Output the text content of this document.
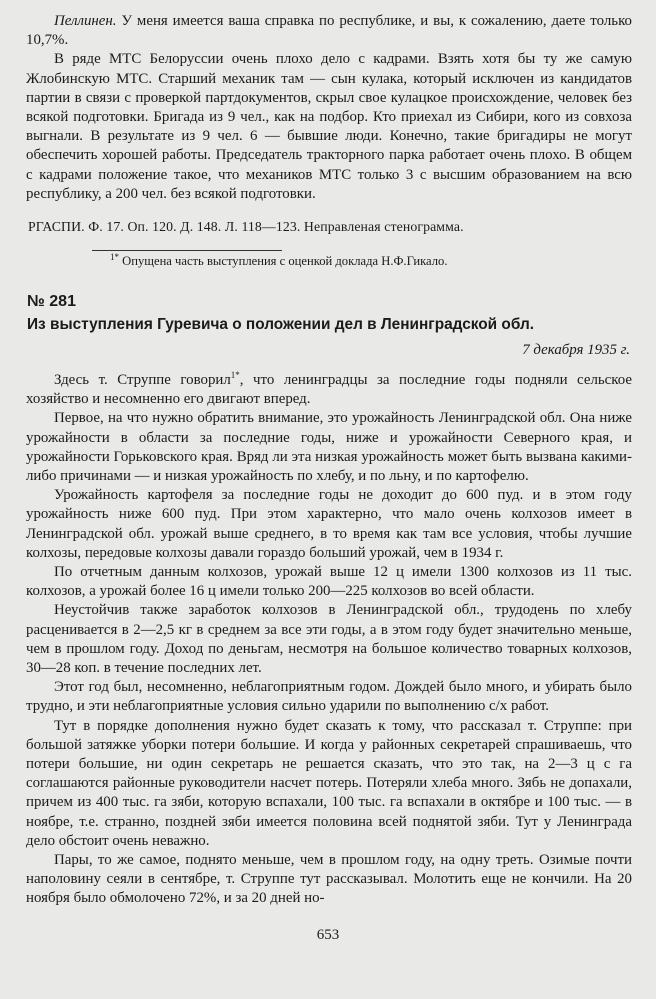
Пеллинен. У меня имеется ваша справка по республике, и вы, к сожалению, даете только 10,7%.

В ряде МТС Белоруссии очень плохо дело с кадрами. Взять хотя бы ту же самую Жлобинскую МТС. Старший механик там — сын кулака, который исключен из кандидатов партии в связи с проверкой партдокументов, скрыл свое кулацкое происхождение, человек без всякой подготовки. Бригада из 9 чел., как на подбор. Кто приехал из Сибири, кого из совхоза выгнали. В результате из 9 чел. 6 — бывшие люди. Конечно, такие бригадиры не могут обеспечить хорошей работы. Председатель тракторного парка работает очень плохо. В общем с кадрами положение такое, что механиков МТС только 3 с высшим образованием на всю республику, а 200 чел. без всякой подготовки.

РГАСПИ. Ф. 17. Оп. 120. Д. 148. Л. 118—123. Неправленая стенограмма.
$^{1*}$ Опущена часть выступления с оценкой доклада Н.Ф.Гикало.
№ 281
Из выступления Гуревича о положении дел в Ленинградской обл.
7 декабря 1935 г.

Здесь т. Струппе говорил$^{1*}$, что ленинградцы за последние годы подняли сельское хозяйство и несомненно его двигают вперед.

Первое, на что нужно обратить внимание, это урожайность Ленинградской обл. Она ниже урожайности в области за последние годы, ниже и урожайности Северного края, и урожайности Горьковского края. Вряд ли эта низкая урожайность может быть вызвана какими-либо причинами — и низкая урожайность по хлебу, и по льну, и по картофелю.

Урожайность картофеля за последние годы не доходит до 600 пуд. и в этом году урожайность ниже 600 пуд. При этом характерно, что мало очень колхозов имеет в Ленинградской обл. урожай выше среднего, в то время как там все условия, чтобы лучшие колхозы, передовые колхозы давали гораздо больший урожай, чем в 1934 г.

По отчетным данным колхозов, урожай выше 12 ц имели 1300 колхозов из 11 тыс. колхозов, а урожай более 16 ц имели только 200—225 колхозов во всей области.

Неустойчив также заработок колхозов в Ленинградской обл., трудодень по хлебу расценивается в 2—2,5 кг в среднем за все эти годы, а в этом году будет значительно меньше, чем в прошлом году. Доход по деньгам, несмотря на большое количество товарных колхозов, 30—28 коп. в течение последних лет.

Этот год был, несомненно, неблагоприятным годом. Дождей было много, и убирать было трудно, и эти неблагоприятные условия сильно ударили по выполнению с/х работ.

Тут в порядке дополнения нужно будет сказать к тому, что рассказал т. Струппе: при большой затяжке уборки потери большие. И когда у районных секретарей спрашиваешь, что потери большие, ни один секретарь не решается сказать, что это так, на 2—3 ц с га соглашаются районные руководители насчет потерь. Потеряли хлеба много. Зябь не допахали, причем из 400 тыс. га зяби, которую вспахали, 100 тыс. га вспахали в октябре и 100 тыс. — в ноябре, т.е. странно, поздней зяби имеется половина всей поднятой зяби. Тут у Ленинграда дело обстоит очень неважно.

Пары, то же самое, поднято меньше, чем в прошлом году, на одну треть. Озимые почти наполовину сеяли в сентябре, т. Струппе тут рассказывал. Молотить еще не кончили. На 20 ноября было обмолочено 72%, и за 20 дней но-

653
